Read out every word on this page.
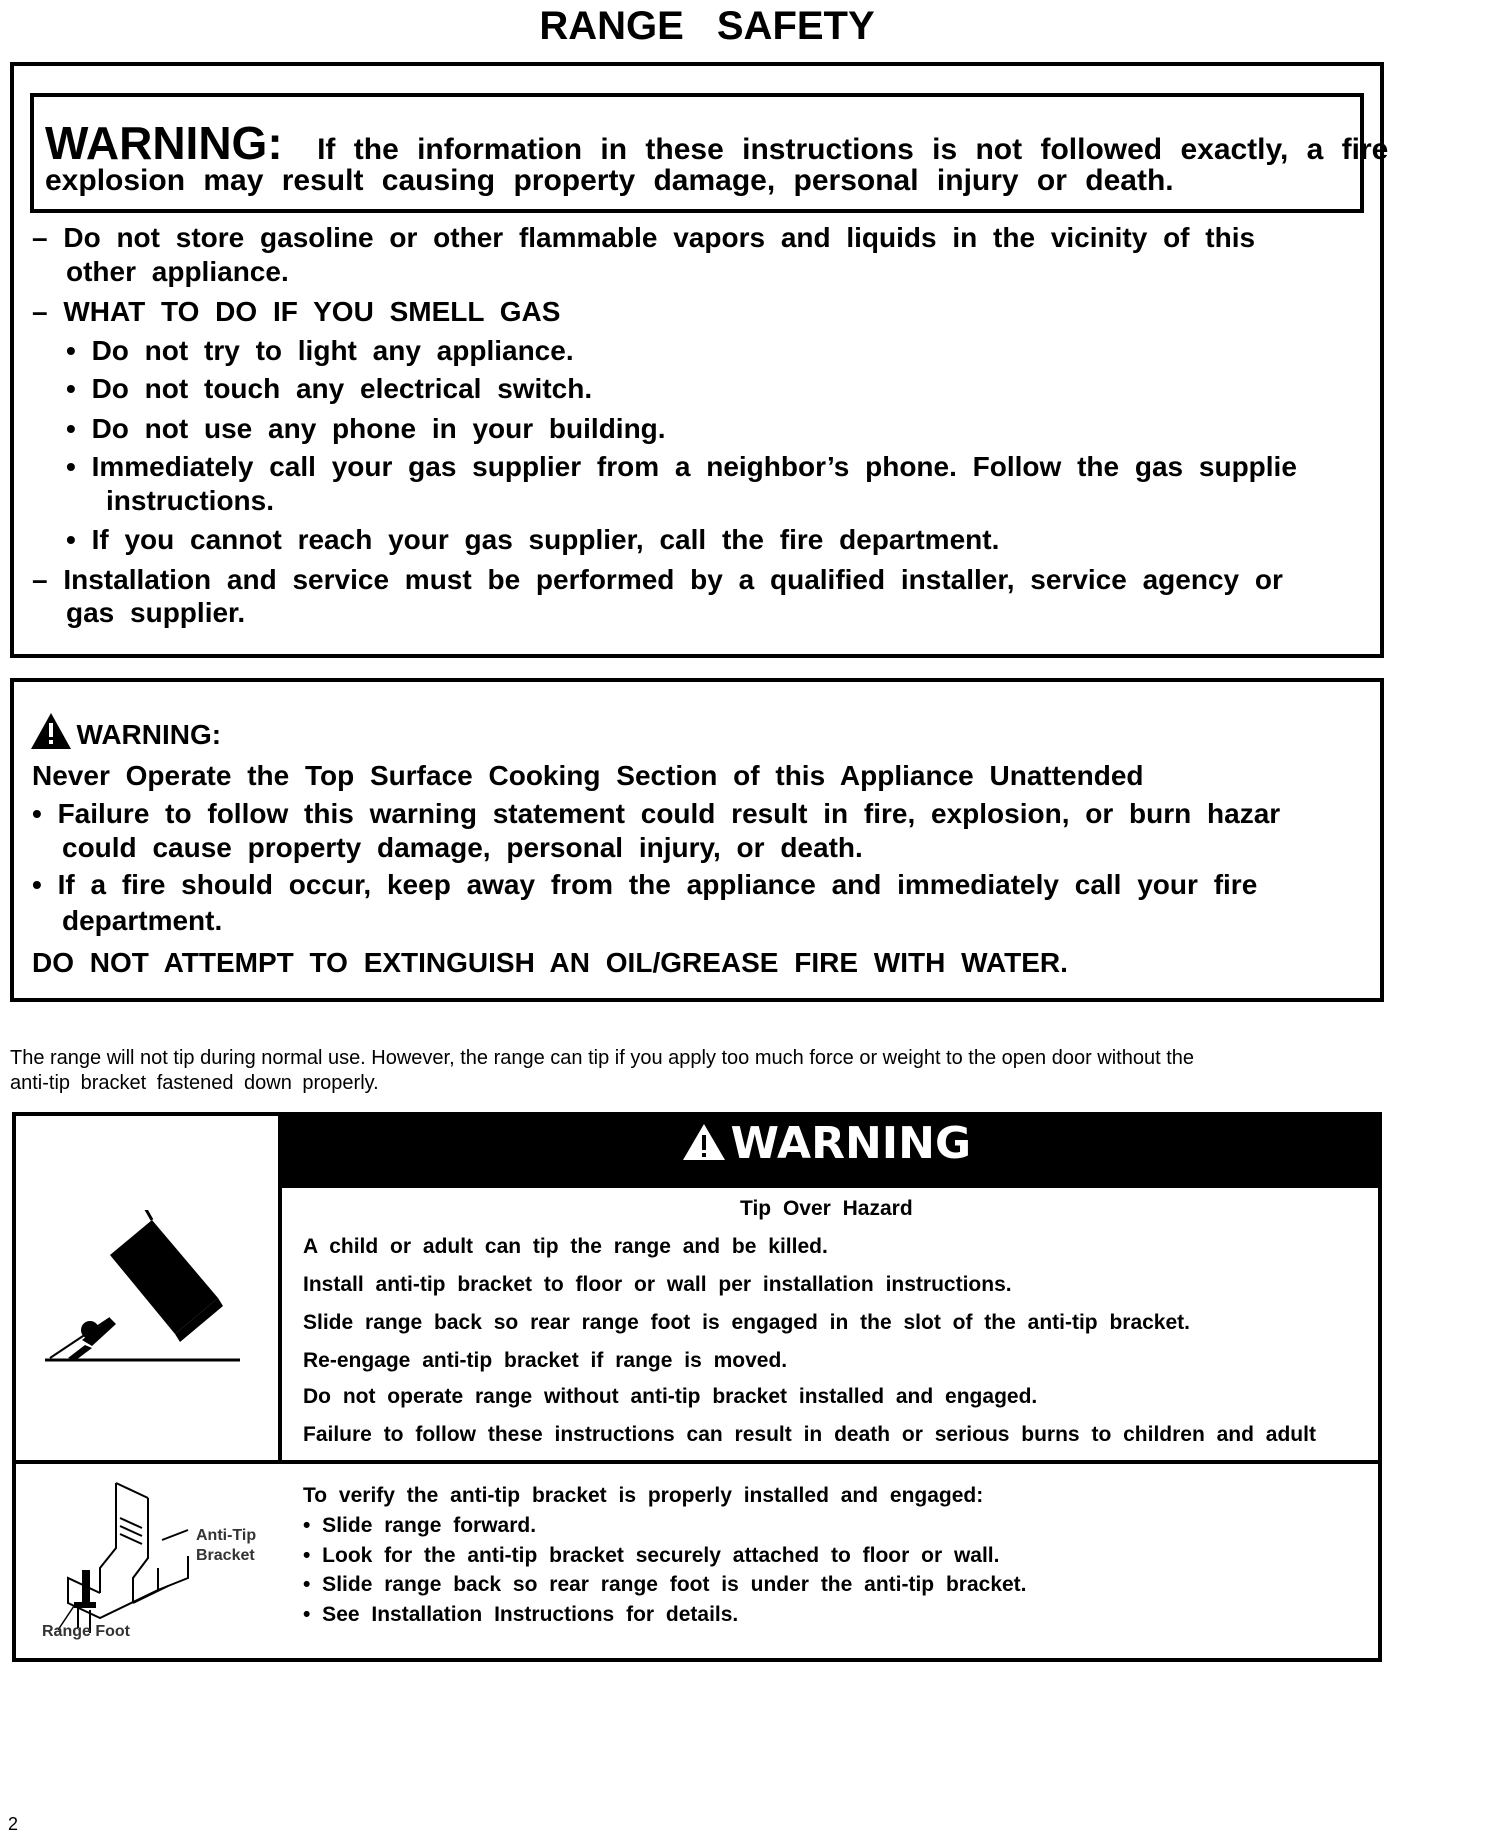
RANGE SAFETY
WARNING: If the information in these instructions is not followed exactly, a fire
explosion may result causing property damage, personal injury or death.
– Do not store gasoline or other flammable vapors and liquids in the vicinity of this
other appliance.
– WHAT TO DO IF YOU SMELL GAS
• Do not try to light any appliance.
• Do not touch any electrical switch.
• Do not use any phone in your building.
• Immediately call your gas supplier from a neighbor’s phone. Follow the gas supplie
instructions.
• If you cannot reach your gas supplier, call the fire department.
– Installation and service must be performed by a qualified installer, service agency or
gas supplier.
WARNING:
Never Operate the Top Surface Cooking Section of this Appliance Unattended
• Failure to follow this warning statement could result in fire, explosion, or burn hazar
could cause property damage, personal injury, or death.
• If a fire should occur, keep away from the appliance and immediately call your fire
department.
DO NOT ATTEMPT TO EXTINGUISH AN OIL/GREASE FIRE WITH WATER.
The range will not tip during normal use. However, the range can tip if you apply too much force or weight to the open door without the
anti-tip bracket fastened down properly.
WARNING
Tip Over Hazard
A child or adult can tip the range and be killed.
Install anti-tip bracket to floor or wall per installation instructions.
Slide range back so rear range foot is engaged in the slot of the anti-tip bracket.
Re-engage anti-tip bracket if range is moved.
Do not operate range without anti-tip bracket installed and engaged.
Failure to follow these instructions can result in death or serious burns to children and adult
Anti-Tip
Bracket
Range Foot
To verify the anti-tip bracket is properly installed and engaged:
• Slide range forward.
• Look for the anti-tip bracket securely attached to floor or wall.
• Slide range back so rear range foot is under the anti-tip bracket.
• See Installation Instructions for details.
2
